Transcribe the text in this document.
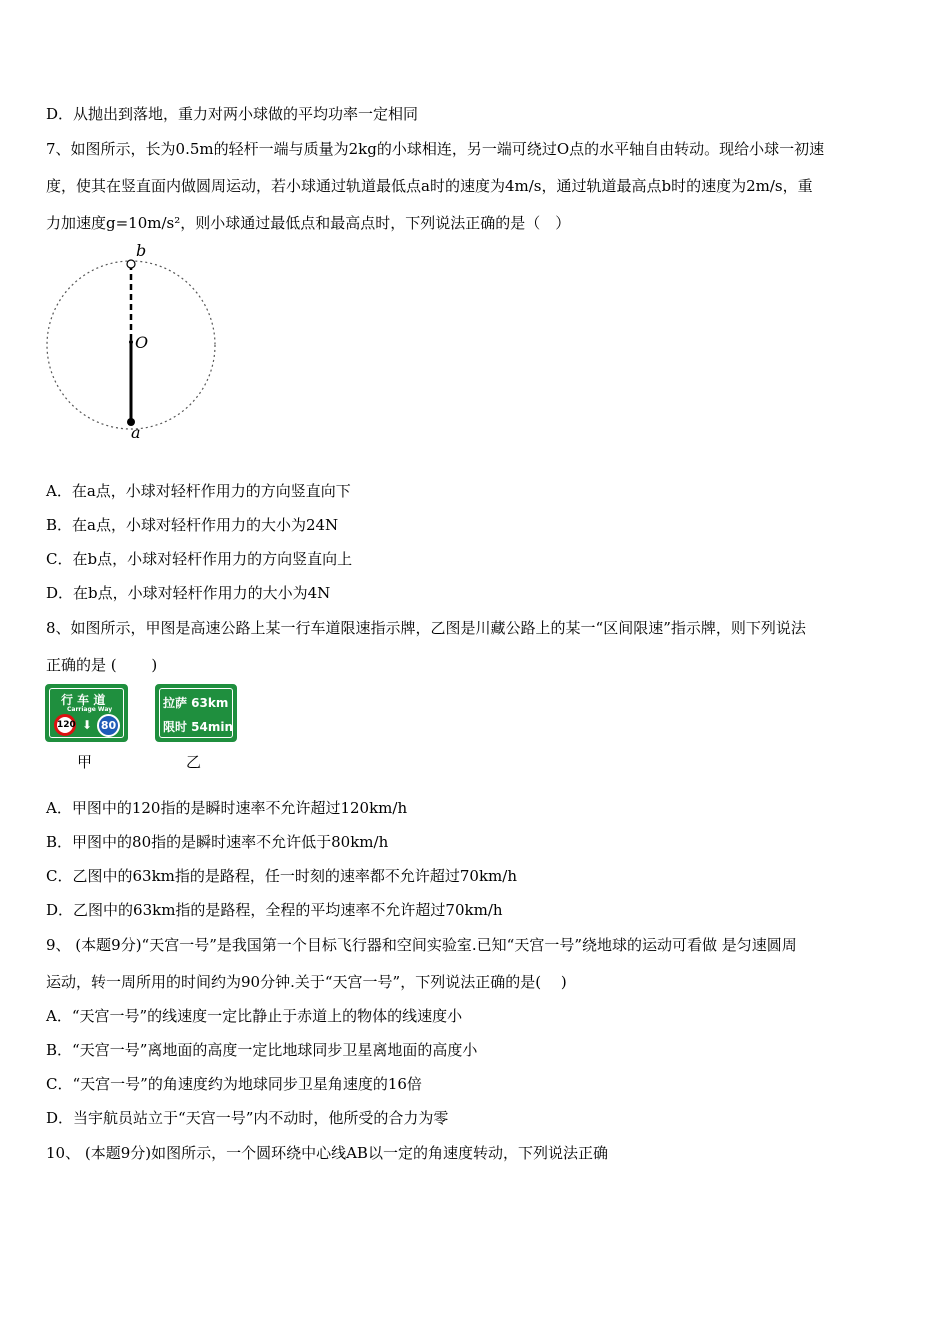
D．从抛出到落地，重力对两小球做的平均功率一定相同
7、如图所示，长为0.5m的轻杆一端与质量为2kg的小球相连，另一端可绕过O点的水平轴自由转动。现给小球一初速
度，使其在竖直面内做圆周运动，若小球通过轨道最低点a时的速度为4m/s，通过轨道最高点b时的速度为2m/s，重
力加速度g=10m/s²，则小球通过最低点和最高点时，下列说法正确的是（　）
b
O
a
A．在a点，小球对轻杆作用力的方向竖直向下
B．在a点，小球对轻杆作用力的大小为24N
C．在b点，小球对轻杆作用力的方向竖直向上
D．在b点，小球对轻杆作用力的大小为4N
8、如图所示，甲图是高速公路上某一行车道限速指示牌，乙图是川藏公路上的某一“区间限速”指示牌，则下列说法
正确的是 (　　 )
行 车 道
Carriage Way
120 ⬇ 80
拉萨 63km
限时 54min
甲	乙
A．甲图中的120指的是瞬时速率不允许超过120km/h
B．甲图中的80指的是瞬时速率不允许低于80km/h
C．乙图中的63km指的是路程，任一时刻的速率都不允许超过70km/h
D．乙图中的63km指的是路程，全程的平均速率不允许超过70km/h
9、 (本题9分)“天宫一号”是我国第一个目标飞行器和空间实验室.已知“天宫一号”绕地球的运动可看做 是匀速圆周
运动，转一周所用的时间约为90分钟.关于“天宫一号”，下列说法正确的是(　 )
A．“天宫一号”的线速度一定比静止于赤道上的物体的线速度小
B．“天宫一号”离地面的高度一定比地球同步卫星离地面的高度小
C．“天宫一号”的角速度约为地球同步卫星角速度的16倍
D．当宇航员站立于“天宫一号”内不动时，他所受的合力为零
10、 (本题9分)如图所示，一个圆环绕中心线AB以一定的角速度转动，下列说法正确
